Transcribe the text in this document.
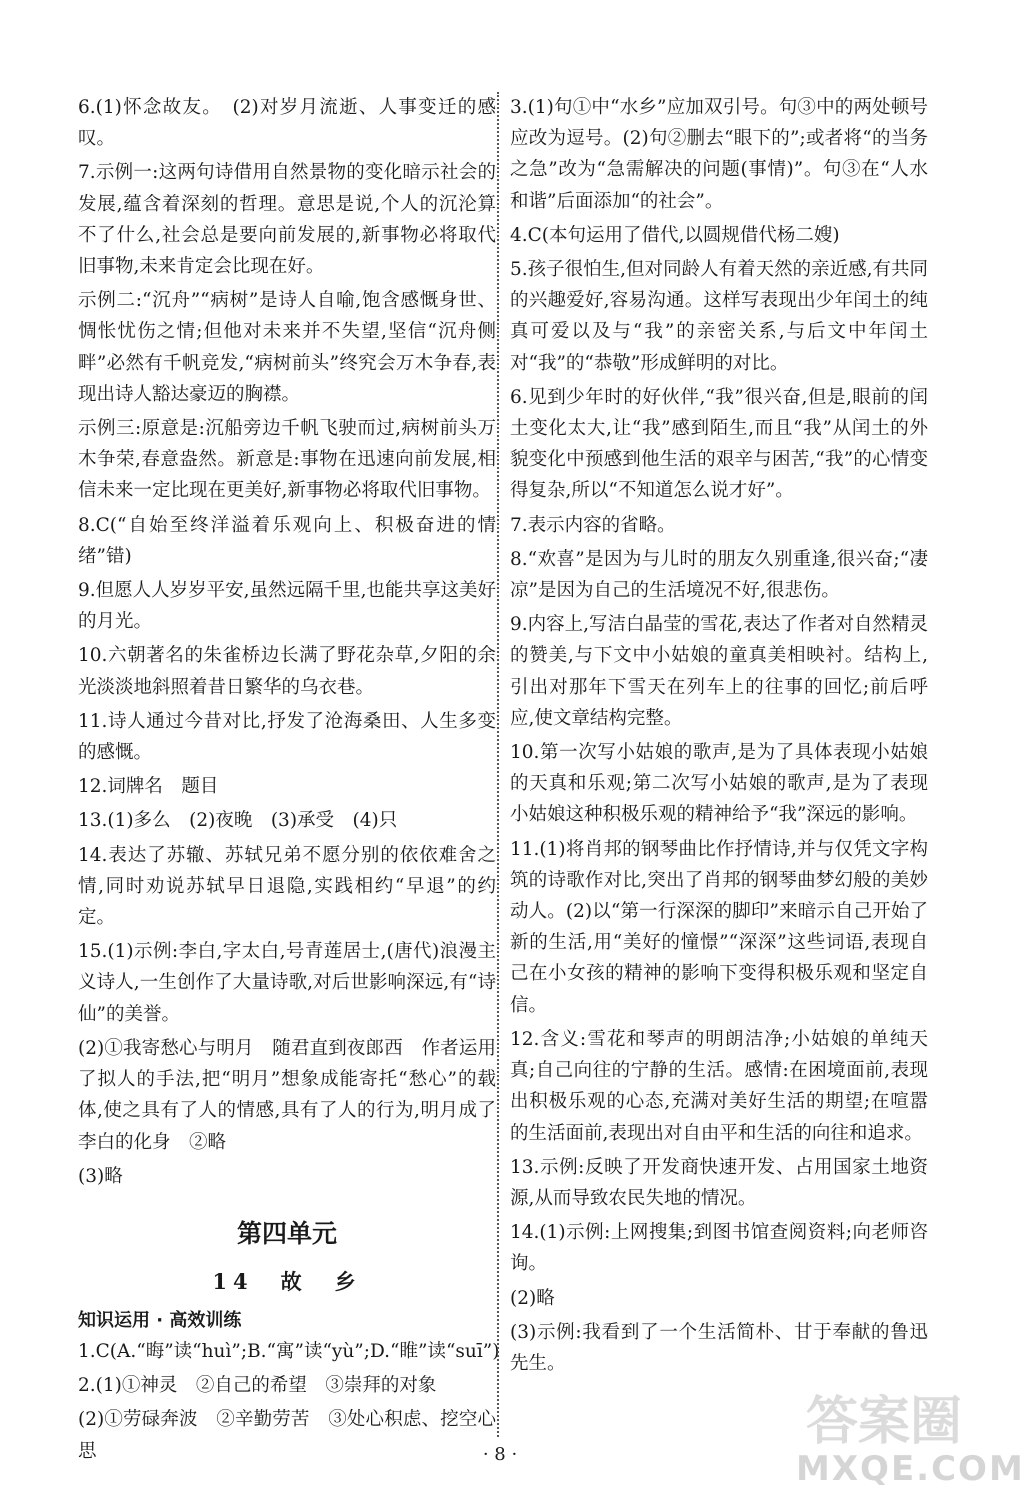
6.(1)怀念故友。　(2)对岁月流逝、人事变迁的感叹。
7.示例一:这两句诗借用自然景物的变化暗示社会的发展,蕴含着深刻的哲理。意思是说,个人的沉沦算不了什么,社会总是要向前发展的,新事物必将取代旧事物,未来肯定会比现在好。
示例二:“沉舟”“病树”是诗人自喻,饱含感慨身世、惆怅忧伤之情;但他对未来并不失望,坚信“沉舟侧畔”必然有千帆竞发,“病树前头”终究会万木争春,表现出诗人豁达豪迈的胸襟。
示例三:原意是:沉船旁边千帆飞驶而过,病树前头万木争荣,春意盎然。新意是:事物在迅速向前发展,相信未来一定比现在更美好,新事物必将取代旧事物。
8.C(“自始至终洋溢着乐观向上、积极奋进的情绪”错)
9.但愿人人岁岁平安,虽然远隔千里,也能共享这美好的月光。
10.六朝著名的朱雀桥边长满了野花杂草,夕阳的余光淡淡地斜照着昔日繁华的乌衣巷。
11.诗人通过今昔对比,抒发了沧海桑田、人生多变的感慨。
12.词牌名　题目
13.(1)多么　(2)夜晚　(3)承受　(4)只
14.表达了苏辙、苏轼兄弟不愿分别的依依难舍之情,同时劝说苏轼早日退隐,实践相约“早退”的约定。
15.(1)示例:李白,字太白,号青莲居士,(唐代)浪漫主义诗人,一生创作了大量诗歌,对后世影响深远,有“诗仙”的美誉。
(2)①我寄愁心与明月　随君直到夜郎西　作者运用了拟人的手法,把“明月”想象成能寄托“愁心”的载体,使之具有了人的情感,具有了人的行为,明月成了李白的化身　②略
(3)略
第四单元
14　故　乡
知识运用 · 高效训练
1.C(A.“晦”读“huì”;B.“寓”读“yù”;D.“睢”读“suī”)
2.(1)①神灵　②自己的希望　③崇拜的对象
(2)①劳碌奔波　②辛勤劳苦　③处心积虑、挖空心思
3.(1)句①中“水乡”应加双引号。句③中的两处顿号应改为逗号。(2)句②删去“眼下的”;或者将“的当务之急”改为“急需解决的问题(事情)”。句③在“人水和谐”后面添加“的社会”。
4.C(本句运用了借代,以圆规借代杨二嫂)
5.孩子很怕生,但对同龄人有着天然的亲近感,有共同的兴趣爱好,容易沟通。这样写表现出少年闰土的纯真可爱以及与“我”的亲密关系,与后文中年闰土对“我”的“恭敬”形成鲜明的对比。
6.见到少年时的好伙伴,“我”很兴奋,但是,眼前的闰土变化太大,让“我”感到陌生,而且“我”从闰土的外貌变化中预感到他生活的艰辛与困苦,“我”的心情变得复杂,所以“不知道怎么说才好”。
7.表示内容的省略。
8.“欢喜”是因为与儿时的朋友久别重逢,很兴奋;“凄凉”是因为自己的生活境况不好,很悲伤。
9.内容上,写洁白晶莹的雪花,表达了作者对自然精灵的赞美,与下文中小姑娘的童真美相映衬。结构上,引出对那年下雪天在列车上的往事的回忆;前后呼应,使文章结构完整。
10.第一次写小姑娘的歌声,是为了具体表现小姑娘的天真和乐观;第二次写小姑娘的歌声,是为了表现小姑娘这种积极乐观的精神给予“我”深远的影响。
11.(1)将肖邦的钢琴曲比作抒情诗,并与仅凭文字构筑的诗歌作对比,突出了肖邦的钢琴曲梦幻般的美妙动人。(2)以“第一行深深的脚印”来暗示自己开始了新的生活,用“美好的憧憬”“深深”这些词语,表现自己在小女孩的精神的影响下变得积极乐观和坚定自信。
12.含义:雪花和琴声的明朗洁净;小姑娘的单纯天真;自己向往的宁静的生活。感情:在困境面前,表现出积极乐观的心态,充满对美好生活的期望;在喧嚣的生活面前,表现出对自由平和生活的向往和追求。
13.示例:反映了开发商快速开发、占用国家土地资源,从而导致农民失地的情况。
14.(1)示例:上网搜集;到图书馆查阅资料;向老师咨询。
(2)略
(3)示例:我看到了一个生活简朴、甘于奉献的鲁迅先生。
· 8 ·
答案圈
MXQE.COM
